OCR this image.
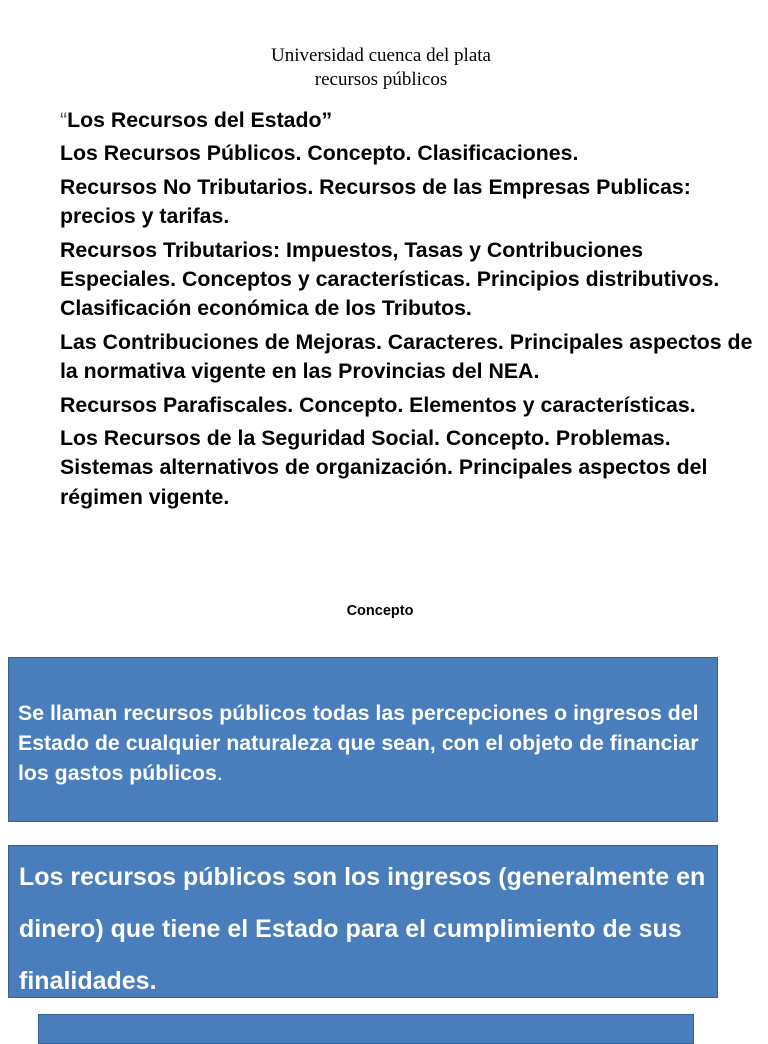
Universidad cuenca del plata
recursos públicos
“Los Recursos del Estado”
Los Recursos Públicos. Concepto. Clasificaciones.
Recursos No Tributarios. Recursos de las Empresas Publicas: precios y tarifas.
Recursos Tributarios: Impuestos, Tasas y Contribuciones Especiales. Conceptos y características. Principios distributivos. Clasificación económica de los Tributos.
Las Contribuciones de Mejoras. Caracteres. Principales aspectos de la normativa vigente en las Provincias del NEA.
Recursos Parafiscales. Concepto. Elementos y características.
Los Recursos de la Seguridad Social. Concepto. Problemas. Sistemas alternativos de organización. Principales aspectos del régimen vigente.
Concepto
Se llaman recursos públicos todas las percepciones o ingresos del Estado de cualquier naturaleza que sean, con el objeto de financiar los gastos públicos.
Los recursos públicos son los ingresos (generalmente en dinero) que tiene el Estado para el cumplimiento de sus finalidades.
